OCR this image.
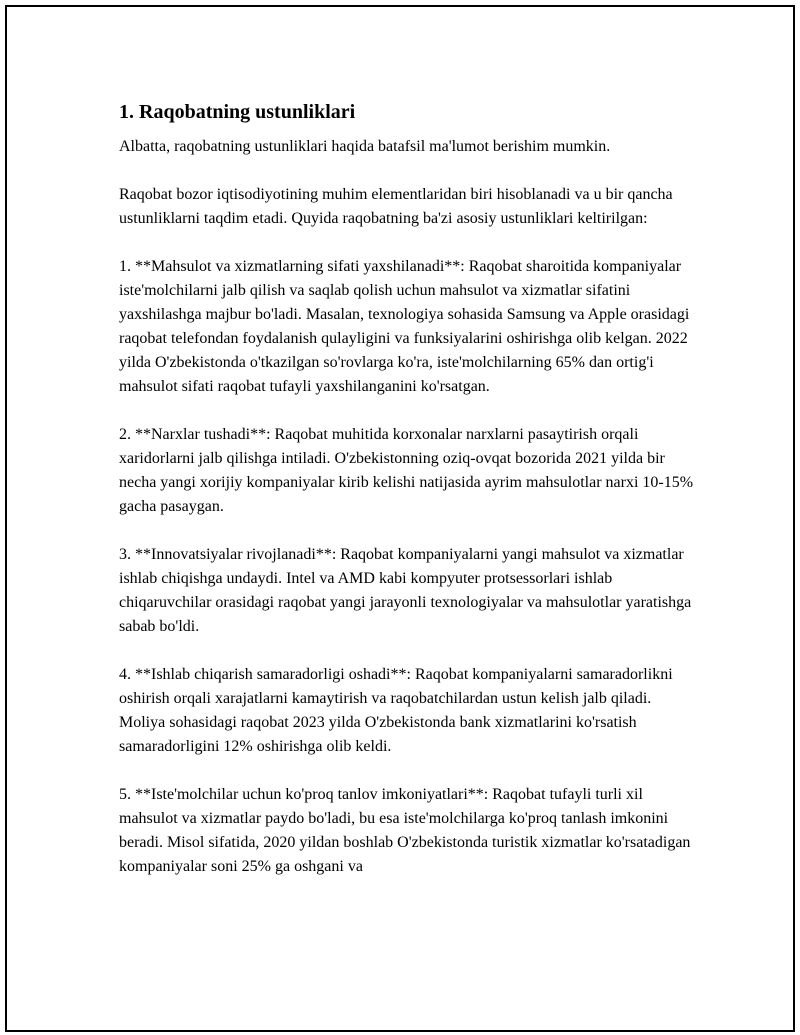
1. Raqobatning ustunliklari

Albatta, raqobatning ustunliklari haqida batafsil ma'lumot berishim mumkin.

Raqobat bozor iqtisodiyotining muhim elementlaridan biri hisoblanadi va u bir qancha ustunliklarni taqdim etadi. Quyida raqobatning ba'zi asosiy ustunliklari keltirilgan:

1. **Mahsulot va xizmatlarning sifati yaxshilanadi**: Raqobat sharoitida kompaniyalar iste'molchilarni jalb qilish va saqlab qolish uchun mahsulot va xizmatlar sifatini yaxshilashga majbur bo'ladi. Masalan, texnologiya sohasida Samsung va Apple orasidagi raqobat telefondan foydalanish qulayligini va funksiyalarini oshirishga olib kelgan. 2022 yilda O'zbekistonda o'tkazilgan so'rovlarga ko'ra, iste'molchilarning 65% dan ortig'i mahsulot sifati raqobat tufayli yaxshilanganini ko'rsatgan.

2. **Narxlar tushadi**: Raqobat muhitida korxonalar narxlarni pasaytirish orqali xaridorlarni jalb qilishga intiladi. O'zbekistonning oziq-ovqat bozorida 2021 yilda bir necha yangi xorijiy kompaniyalar kirib kelishi natijasida ayrim mahsulotlar narxi 10-15% gacha pasaygan.

3. **Innovatsiyalar rivojlanadi**: Raqobat kompaniyalarni yangi mahsulot va xizmatlar ishlab chiqishga undaydi. Intel va AMD kabi kompyuter protsessorlari ishlab chiqaruvchilar orasidagi raqobat yangi jarayonli texnologiyalar va mahsulotlar yaratishga sabab bo'ldi.

4. **Ishlab chiqarish samaradorligi oshadi**: Raqobat kompaniyalarni samaradorlikni oshirish orqali xarajatlarni kamaytirish va raqobatchilardan ustun kelish jalb qiladi. Moliya sohasidagi raqobat 2023 yilda O'zbekistonda bank xizmatlarini ko'rsatish samaradorligini 12% oshirishga olib keldi.

5. **Iste'molchilar uchun ko'proq tanlov imkoniyatlari**: Raqobat tufayli turli xil mahsulot va xizmatlar paydo bo'ladi, bu esa iste'molchilarga ko'proq tanlash imkonini beradi. Misol sifatida, 2020 yildan boshlab O'zbekistonda turistik xizmatlar ko'rsatadigan kompaniyalar soni 25% ga oshgani va
